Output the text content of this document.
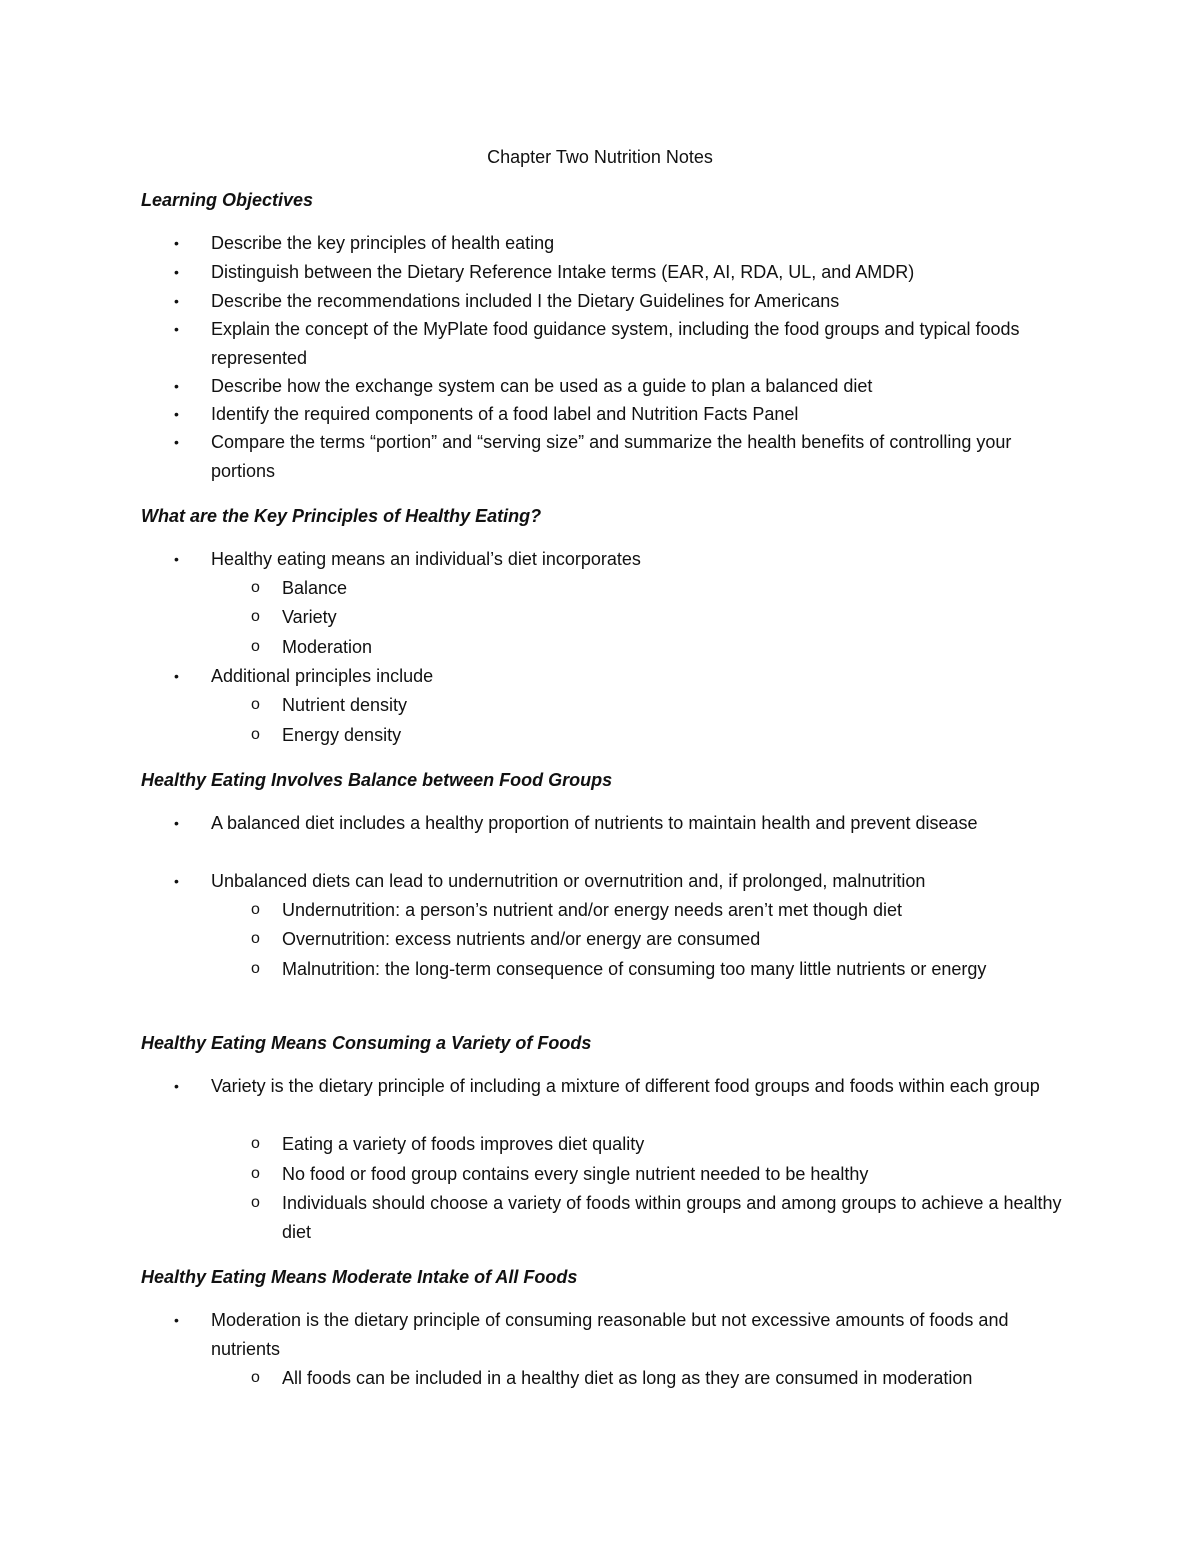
Chapter Two Nutrition Notes
Learning Objectives
• Describe the key principles of health eating
• Distinguish between the Dietary Reference Intake terms (EAR, AI, RDA, UL, and AMDR)
• Describe the recommendations included I the Dietary Guidelines for Americans
• Explain the concept of the MyPlate food guidance system, including the food groups and typical foods represented
• Describe how the exchange system can be used as a guide to plan a balanced diet
• Identify the required components of a food label and Nutrition Facts Panel
• Compare the terms “portion” and “serving size” and summarize the health benefits of controlling your portions
What are the Key Principles of Healthy Eating?
• Healthy eating means an individual’s diet incorporates
o Balance
o Variety
o Moderation
• Additional principles include
o Nutrient density
o Energy density
Healthy Eating Involves Balance between Food Groups
• A balanced diet includes a healthy proportion of nutrients to maintain health and prevent disease
• Unbalanced diets can lead to undernutrition or overnutrition and, if prolonged, malnutrition
o Undernutrition: a person’s nutrient and/or energy needs aren’t met though diet
o Overnutrition: excess nutrients and/or energy are consumed
o Malnutrition: the long-term consequence of consuming too many little nutrients or energy
Healthy Eating Means Consuming a Variety of Foods
• Variety is the dietary principle of including a mixture of different food groups and foods within each group
o Eating a variety of foods improves diet quality
o No food or food group contains every single nutrient needed to be healthy
o Individuals should choose a variety of foods within groups and among groups to achieve a healthy diet
Healthy Eating Means Moderate Intake of All Foods
• Moderation is the dietary principle of consuming reasonable but not excessive amounts of foods and nutrients
o All foods can be included in a healthy diet as long as they are consumed in moderation
